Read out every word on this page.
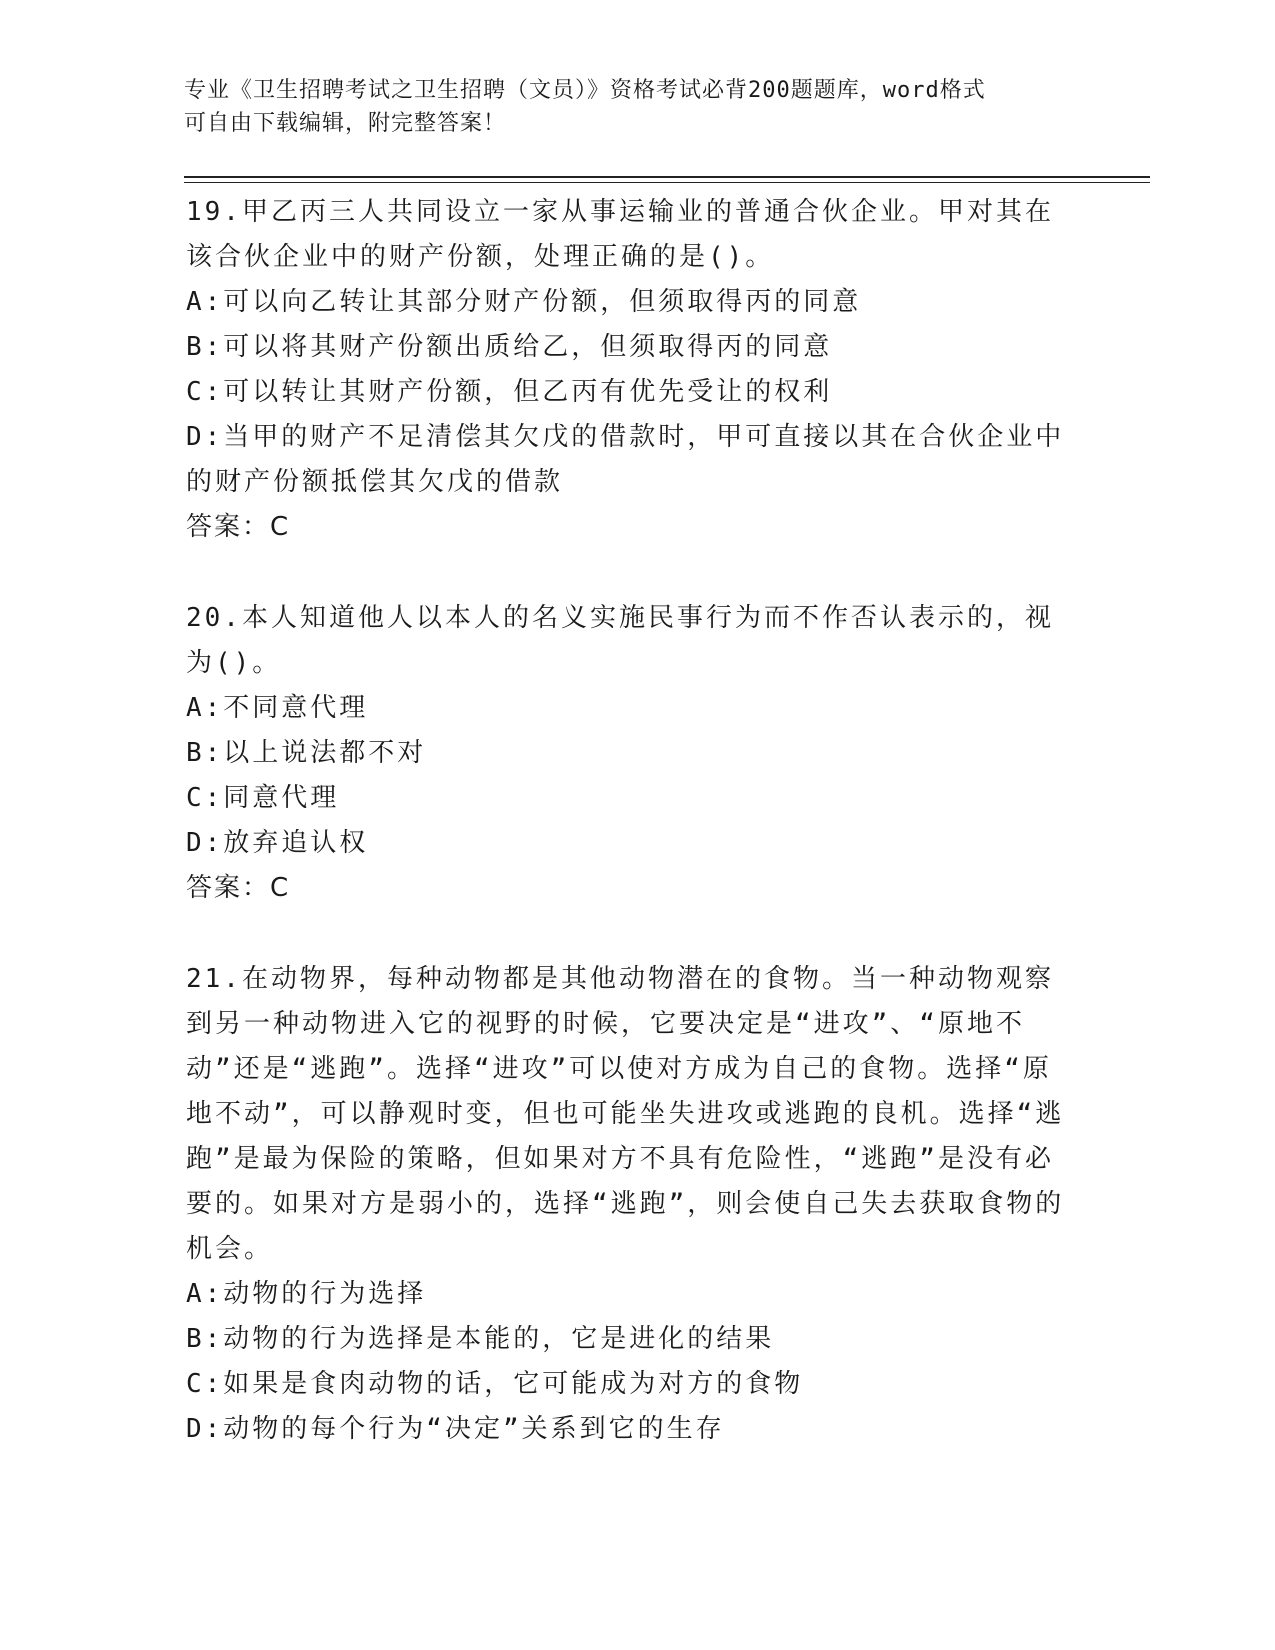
专业《卫生招聘考试之卫生招聘（文员）》资格考试必背200题题库，word格式
可自由下载编辑，附完整答案！

19.甲乙丙三人共同设立一家从事运输业的普通合伙企业。甲对其在该合伙企业中的财产份额，处理正确的是()。

A:可以向乙转让其部分财产份额，但须取得丙的同意

B:可以将其财产份额出质给乙，但须取得丙的同意

C:可以转让其财产份额，但乙丙有优先受让的权利

D:当甲的财产不足清偿其欠戊的借款时，甲可直接以其在合伙企业中的财产份额抵偿其欠戊的借款

答案：C

20.本人知道他人以本人的名义实施民事行为而不作否认表示的，视为()。

A:不同意代理

B:以上说法都不对

C:同意代理

D:放弃追认权

答案：C

21.在动物界，每种动物都是其他动物潜在的食物。当一种动物观察到另一种动物进入它的视野的时候，它要决定是“进攻”、“原地不动”还是“逃跑”。选择“进攻”可以使对方成为自己的食物。选择“原地不动”，可以静观时变，但也可能坐失进攻或逃跑的良机。选择“逃跑”是最为保险的策略，但如果对方不具有危险性，“逃跑”是没有必要的。如果对方是弱小的，选择“逃跑”，则会使自己失去获取食物的机会。

A:动物的行为选择

B:动物的行为选择是本能的，它是进化的结果

C:如果是食肉动物的话，它可能成为对方的食物

D:动物的每个行为“决定”关系到它的生存
